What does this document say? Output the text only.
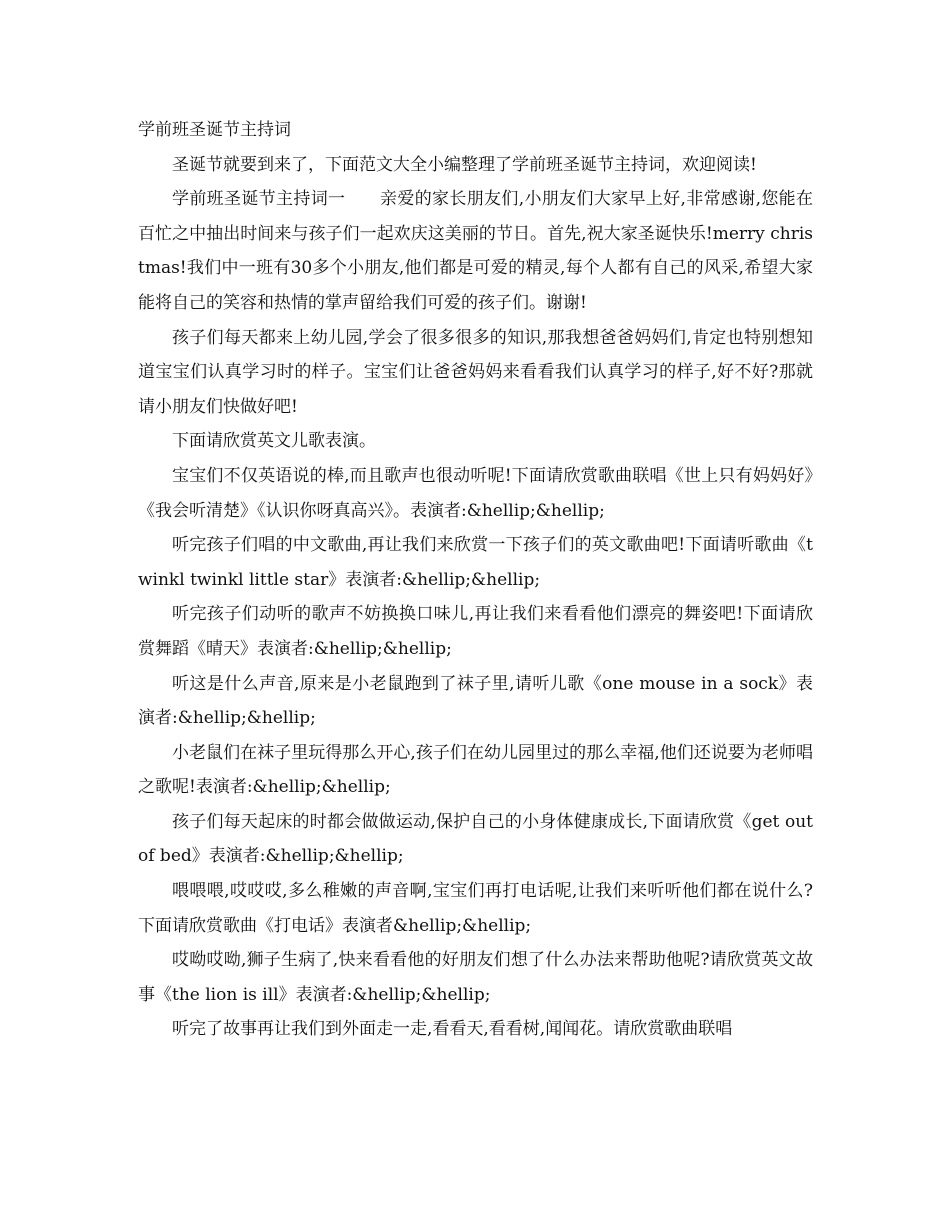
学前班圣诞节主持词

圣诞节就要到来了，下面范文大全小编整理了学前班圣诞节主持词，欢迎阅读!

学前班圣诞节主持词一　　亲爱的家长朋友们,小朋友们大家早上好,非常感谢,您能在百忙之中抽出时间来与孩子们一起欢庆这美丽的节日。首先,祝大家圣诞快乐!merry christmas!我们中一班有30多个小朋友,他们都是可爱的精灵,每个人都有自己的风采,希望大家能将自己的笑容和热情的掌声留给我们可爱的孩子们。谢谢!

孩子们每天都来上幼儿园,学会了很多很多的知识,那我想爸爸妈妈们,肯定也特别想知道宝宝们认真学习时的样子。宝宝们让爸爸妈妈来看看我们认真学习的样子,好不好?那就请小朋友们快做好吧!

下面请欣赏英文儿歌表演。

宝宝们不仅英语说的棒,而且歌声也很动听呢!下面请欣赏歌曲联唱《世上只有妈妈好》《我会听清楚》《认识你呀真高兴》。表演者:&hellip;&hellip;

听完孩子们唱的中文歌曲,再让我们来欣赏一下孩子们的英文歌曲吧!下面请听歌曲《twinkl twinkl little star》表演者:&hellip;&hellip;

听完孩子们动听的歌声不妨换换口味儿,再让我们来看看他们漂亮的舞姿吧!下面请欣赏舞蹈《晴天》表演者:&hellip;&hellip;

听这是什么声音,原来是小老鼠跑到了袜子里,请听儿歌《one mouse in a sock》表演者:&hellip;&hellip;

小老鼠们在袜子里玩得那么开心,孩子们在幼儿园里过的那么幸福,他们还说要为老师唱之歌呢!表演者:&hellip;&hellip;

孩子们每天起床的时都会做做运动,保护自己的小身体健康成长,下面请欣赏《get out of bed》表演者:&hellip;&hellip;

喂喂喂,哎哎哎,多么稚嫩的声音啊,宝宝们再打电话呢,让我们来听听他们都在说什么?下面请欣赏歌曲《打电话》表演者&hellip;&hellip;

哎呦哎呦,狮子生病了,快来看看他的好朋友们想了什么办法来帮助他呢?请欣赏英文故事《the lion is ill》表演者:&hellip;&hellip;

听完了故事再让我们到外面走一走,看看天,看看树,闻闻花。请欣赏歌曲联唱
